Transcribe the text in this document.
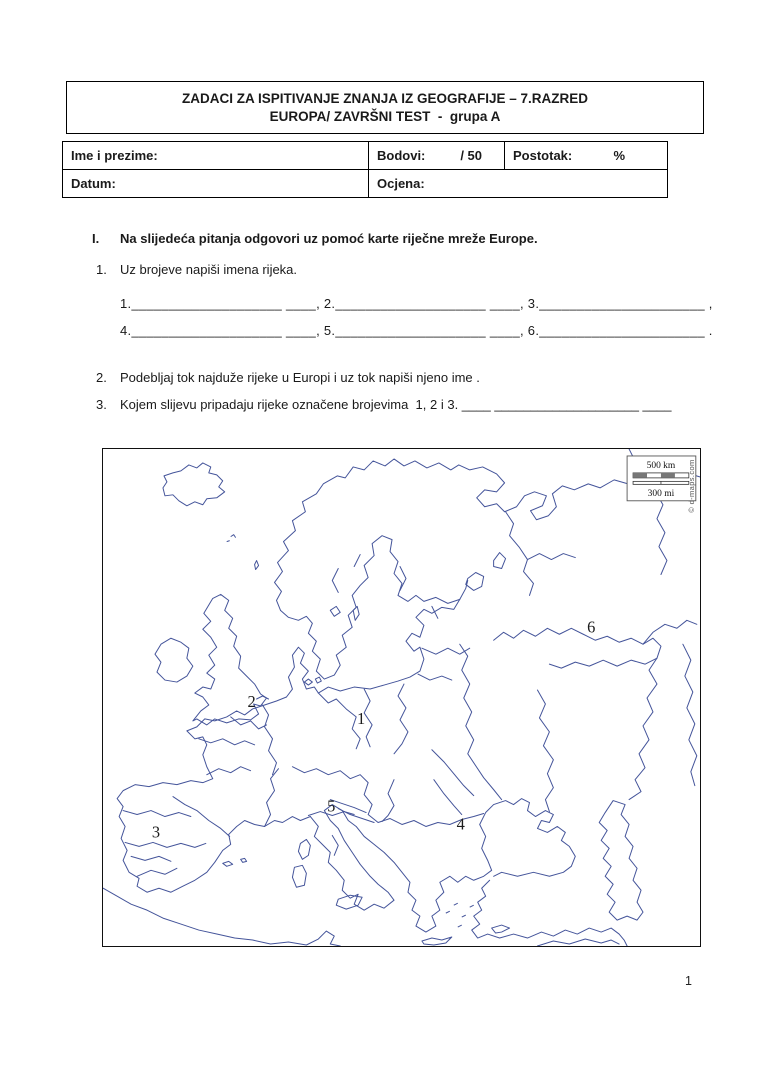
ZADACI ZA ISPITIVANJE ZNANJA IZ GEOGRAFIJE – 7.RAZRED
EUROPA/ ZAVRŠNI TEST  -  grupa A
Ime i prezime:	Bodovi: / 50	Postotak: %

Datum:	Ocjena:	
I.	Na slijedeća pitanja odgovori uz pomoć karte riječne mreže Europe.
1.	Uz brojeve napiši imena rijeka.
1.____________________ ____, 2.____________________ ____, 3.______________________ ,
4.____________________ ____, 5.____________________ ____, 6.______________________ .
2.	Podebljaj tok najduže rijeke u Europi i uz tok napiši njeno ime .
3.	Kojem slijevu pripadaju rijeke označene brojevima  1, 2 i 3. ____ ____________________ ____
1
2
3	4
5
6
500 km
300 mi © d-maps.com
1
